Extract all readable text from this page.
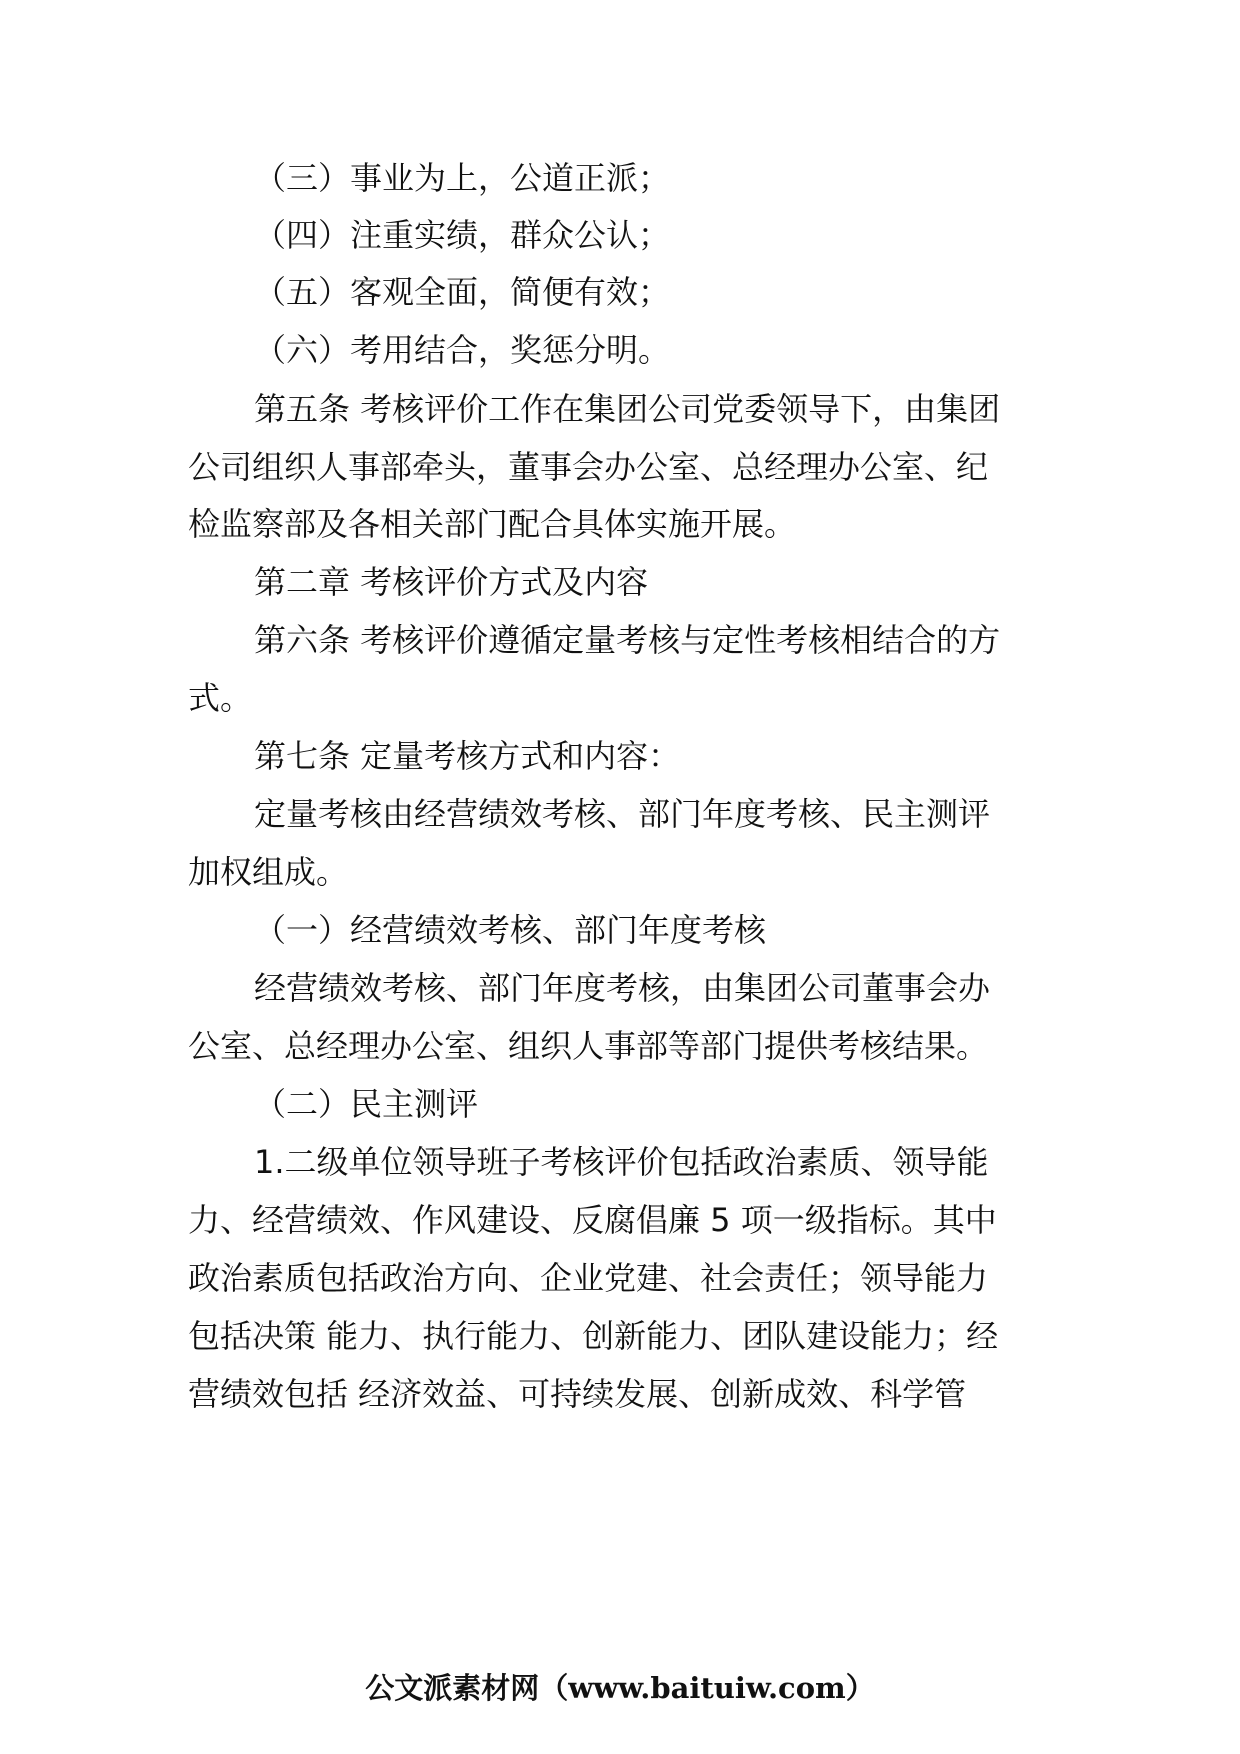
（三）事业为上，公道正派；

（四）注重实绩，群众公认；

（五）客观全面，简便有效；

（六）考用结合，奖惩分明。

第五条 考核评价工作在集团公司党委领导下，由集团

公司组织人事部牵头，董事会办公室、总经理办公室、纪

检监察部及各相关部门配合具体实施开展。

第二章 考核评价方式及内容

第六条 考核评价遵循定量考核与定性考核相结合的方

式。

第七条 定量考核方式和内容：

定量考核由经营绩效考核、部门年度考核、民主测评

加权组成。

（一）经营绩效考核、部门年度考核

经营绩效考核、部门年度考核，由集团公司董事会办

公室、总经理办公室、组织人事部等部门提供考核结果。

（二）民主测评

1.二级单位领导班子考核评价包括政治素质、领导能

力、经营绩效、作风建设、反腐倡廉 5 项一级指标。其中

政治素质包括政治方向、企业党建、社会责任；领导能力

包括决策 能力、执行能力、创新能力、团队建设能力；经

营绩效包括 经济效益、可持续发展、创新成效、科学管

公文派素材网（www.baituiw.com）
